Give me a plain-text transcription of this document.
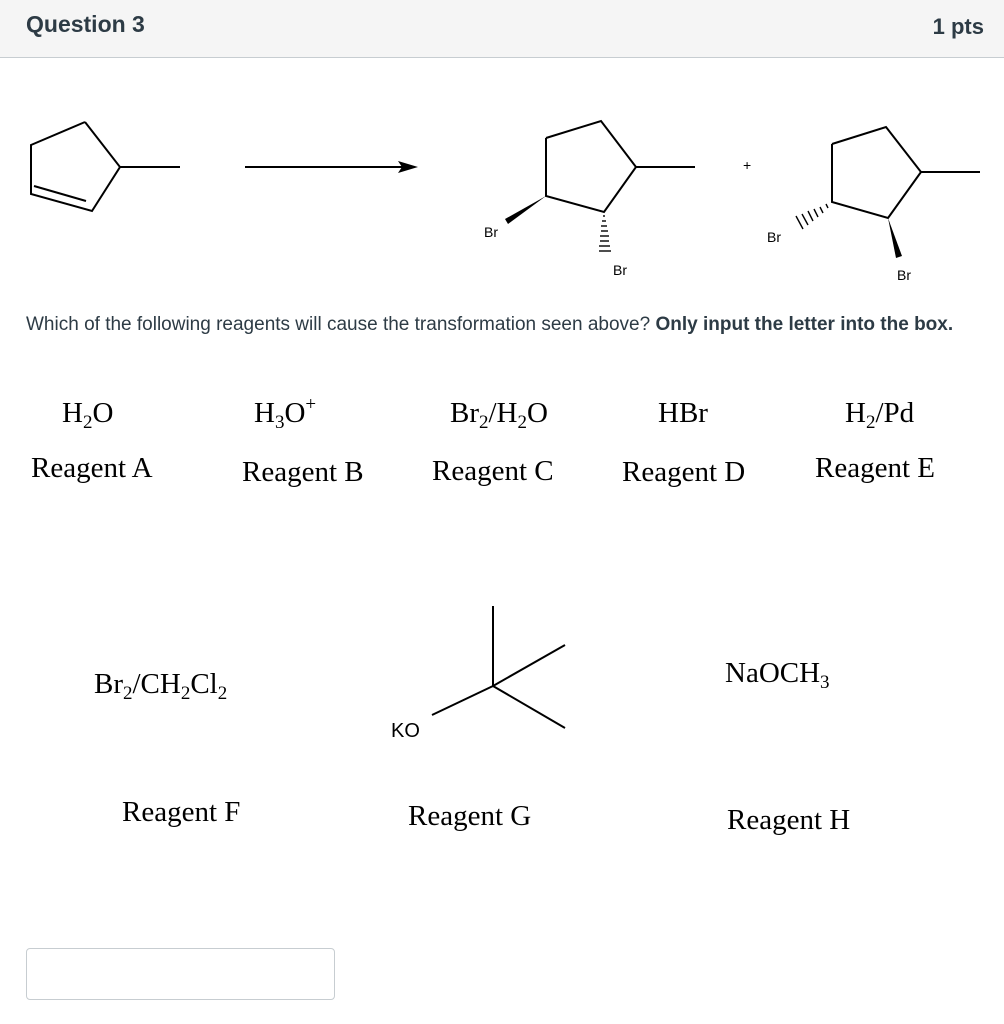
Question 3	1 pts
Br
Br
+
Br
Br
Which of the following reagents will cause the transformation seen above? Only input the letter into the box.
$H_2O$
Reagent A
$H_3O^+$
Reagent B
$Br_2/H_2O$
Reagent C
HBr
Reagent D
$H_2/Pd$
Reagent E
$Br_2/CH_2Cl_2$
Reagent F
KO
Reagent G
NaOCH$_3$
Reagent H
